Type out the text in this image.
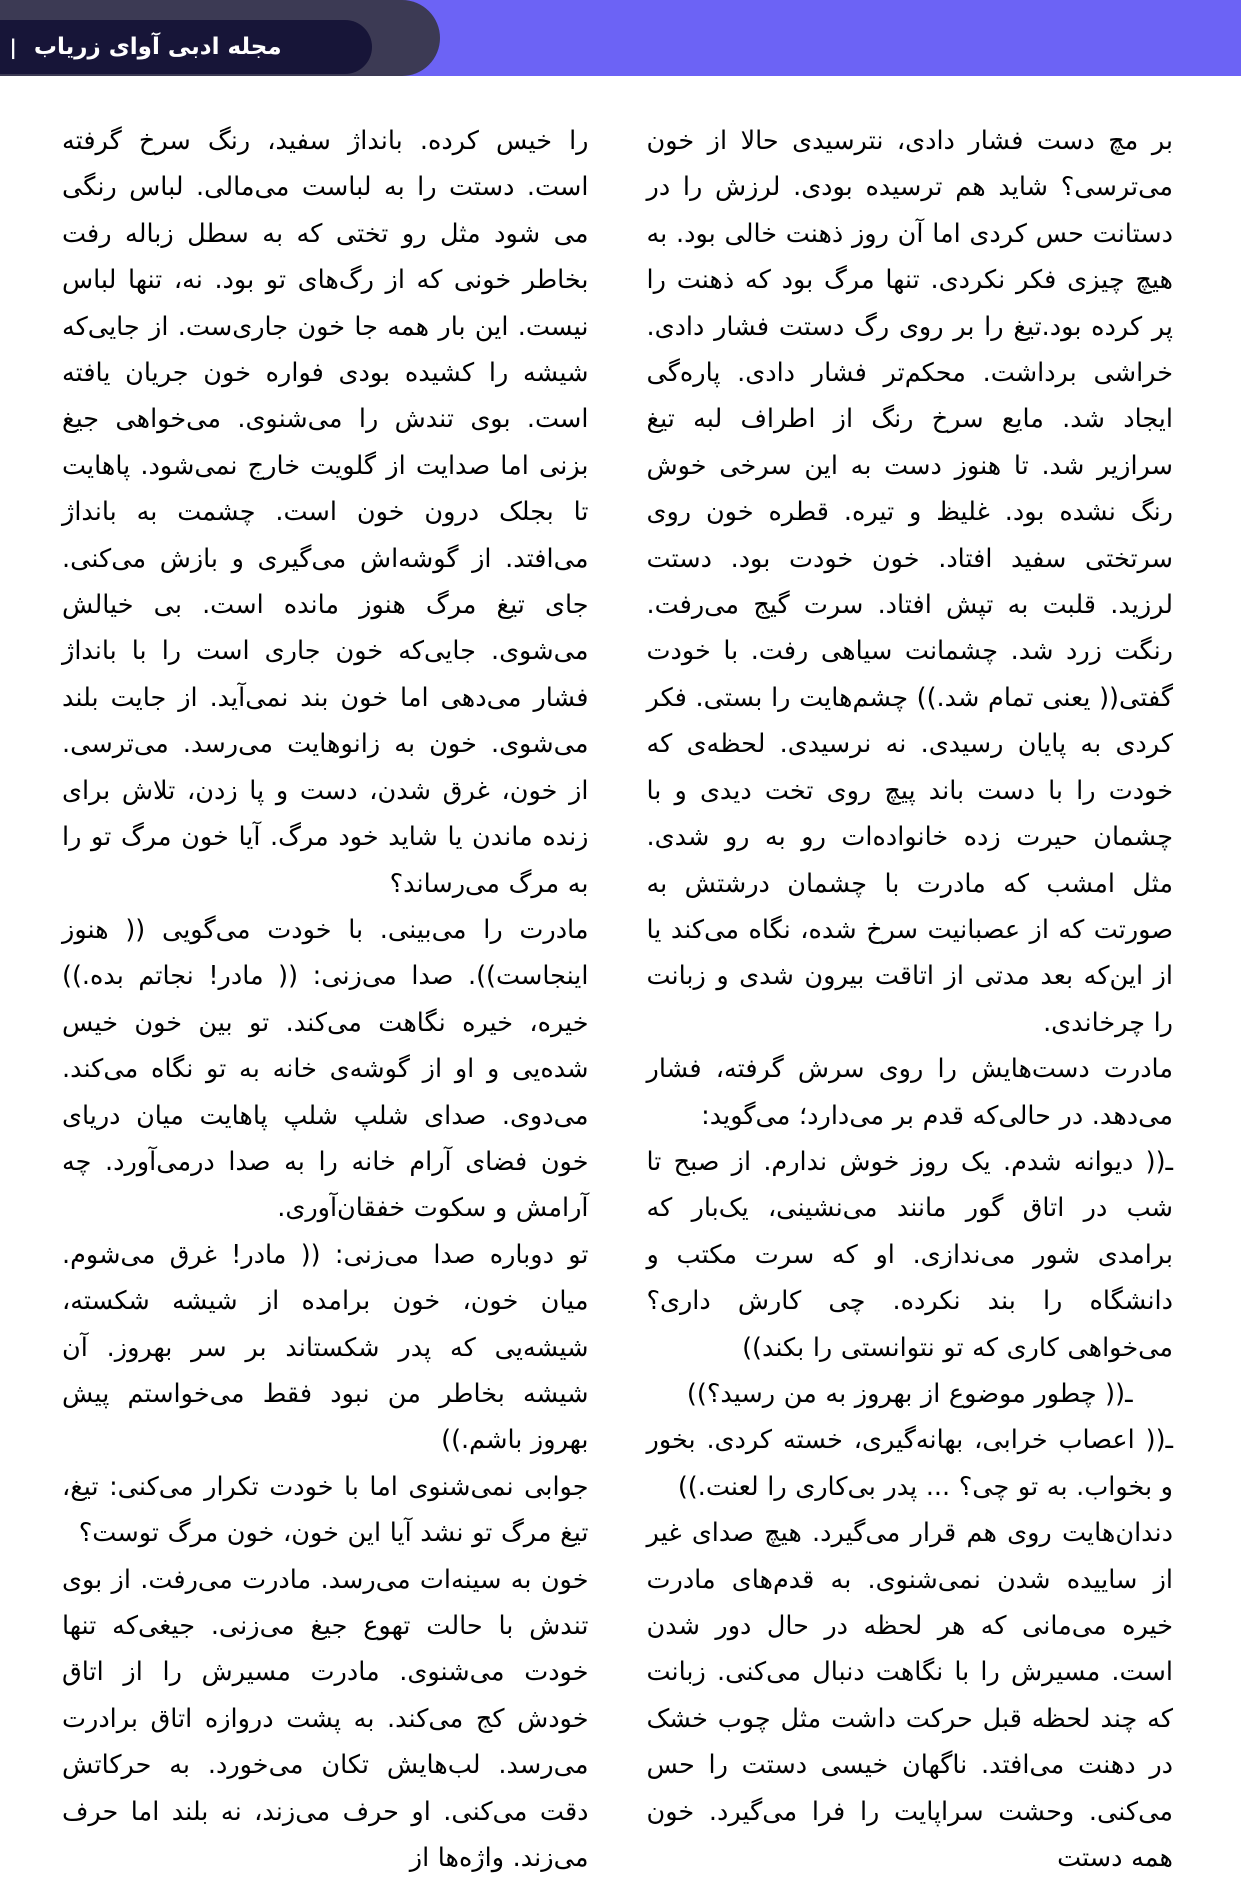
مجله ادبی آوای زریاب
|

بر مچ دست فشار دادی، نترسیدی حالا از خون می‌ترسی؟ شاید هم ترسیده بودی. لرزش را در دستانت حس کردی اما آن روز ذهنت خالی بود. به هیچ چیزی فکر نکردی. تنها مرگ بود که ذهنت را پر کرده بود.تیغ را بر روی رگ دستت فشار دادی. خراشی برداشت. محکم‌تر فشار دادی. پاره‌گی ایجاد شد. مایع سرخ رنگ از اطراف لبه تیغ سرازیر شد. تا هنوز دست به این سرخی خوش رنگ نشده بود. غلیظ و تیره. قطره خون روی سرتختی سفید افتاد. خون خودت بود. دستت لرزید. قلبت به تپش افتاد. سرت گیج می‌رفت. رنگت زرد شد. چشمانت سیاهی رفت. با خودت گفتی(( یعنی تمام شد.)) چشم‌هایت را بستی. فکر کردی به پایان رسیدی. نه نرسیدی. لحظه‌ی که خودت را با دست باند پیچ روی تخت دیدی و با چشمان حیرت زده خانواده‌ات رو به رو شدی. مثل امشب که مادرت با چشمان درشتش به صورتت که از عصبانیت سرخ شده، نگاه می‌کند یا از این‌که بعد مدتی از اتاقت بیرون شدی و زبانت را چرخاندی.

مادرت دست‌هایش را روی سرش گرفته، فشار می‌دهد. در حالی‌که قدم بر می‌دارد؛ می‌گوید:

ـ(( دیوانه شدم. یک روز خوش ندارم. از صبح تا شب در اتاق گور مانند می‌نشینی، یک‌بار که برامدی شور می‌ندازی. او که سرت مکتب و دانشگاه را بند نکرده. چی کارش داری؟ می‌خواهی کاری که تو نتوانستی را بکند))

ـ(( چطور موضوع از بهروز به من رسید؟))

ـ(( اعصاب خرابی، بهانه‌گیری، خسته کردی. بخور و بخواب. به تو چی؟ ... پدر بی‌کاری را لعنت.))

دندان‌هایت روی هم قرار می‌گیرد. هیچ صدای غیر از ساییده شدن نمی‌شنوی. به قدم‌های مادرت خیره می‌مانی که هر لحظه در حال دور شدن است. مسیرش را با نگاهت دنبال می‌کنی. زبانت که چند لحظه قبل حرکت داشت مثل چوب خشک در دهنت می‌افتد. ناگهان خیسی دستت را حس می‌کنی. وحشت سراپایت را فرا می‌گیرد. خون همه دستت

را خیس کرده. بانداژ سفید، رنگ سرخ گرفته است. دستت را به لباست می‌مالی. لباس رنگی می شود مثل رو تختی که به سطل زباله رفت بخاطر خونی که از رگ‌های تو بود. نه، تنها لباس نیست. این بار همه جا خون جاری‌ست. از جایی‌که شیشه را کشیده بودی فواره خون جریان یافته است. بوی تندش را می‌شنوی. می‌خواهی جیغ بزنی اما صدایت از گلویت خارج نمی‌شود. پاهایت تا بجلک درون خون است. چشمت به بانداژ می‌افتد. از گوشه‌اش می‌گیری و بازش می‌کنی. جای تیغ مرگ هنوز مانده است. بی خیالش می‌شوی. جایی‌که خون جاری است را با بانداژ فشار می‌دهی اما خون بند نمی‌آید. از جایت بلند می‌شوی. خون به زانوهایت می‌رسد. می‌ترسی. از خون، غرق شدن، دست و پا زدن، تلاش برای زنده ماندن یا شاید خود مرگ. آیا خون مرگ تو را به مرگ می‌رساند؟

مادرت را می‌بینی. با خودت می‌گویی (( هنوز اینجاست)). صدا می‌زنی: (( مادر! نجاتم بده.)) خیره، خیره نگاهت می‌کند. تو بین خون خیس شده‌یی و او از گوشه‌ی خانه به تو نگاه می‌کند. می‌دوی. صدای شلپ شلپ پاهایت میان دریای خون فضای آرام خانه را به صدا درمی‌آورد. چه آرامش و سکوت خفقان‌آوری.

تو دوباره صدا می‌زنی: (( مادر! غرق می‌شوم. میان خون، خون برامده از شیشه شکسته، شیشه‌یی که پدر شکستاند بر سر بهروز. آن شیشه بخاطر من نبود فقط می‌خواستم پیش بهروز باشم.))

جوابی نمی‌شنوی اما با خودت تکرار می‌کنی: تیغ، تیغ مرگ تو نشد آیا این خون، خون مرگ توست؟

خون به سینه‌ات می‌رسد. مادرت می‌رفت. از بوی تندش با حالت تهوع جیغ می‌زنی. جیغی‌که تنها خودت می‌شنوی. مادرت مسیرش را از اتاق خودش کج می‌کند. به پشت دروازه اتاق برادرت می‌رسد. لب‌هایش تکان می‌خورد. به حرکاتش دقت می‌کنی. او حرف می‌زند، نه بلند اما حرف می‌زند. واژه‌ها از
